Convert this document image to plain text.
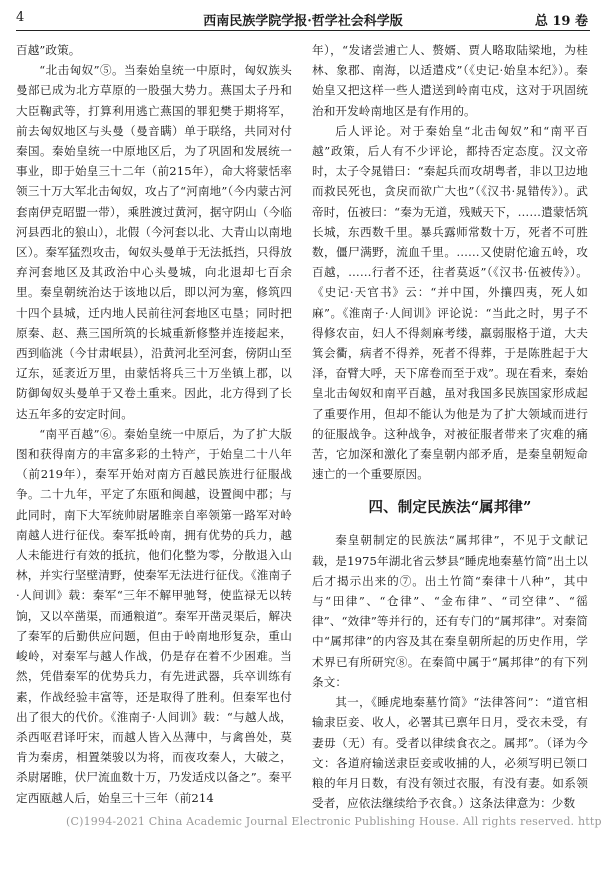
4	西南民族学院学报·哲学社会科学版	总 19 卷

百越”政策。

“北击匈奴”⑤。当秦始皇统一中原时，匈奴族头曼部已成为北方草原的一股强大势力。燕国太子丹和大臣鞠武等，打算利用逃亡燕国的罪犯樊于期将军，前去匈奴地区与头曼（曼音瞒）单于联络，共同对付秦国。秦始皇统一中原地区后，为了巩固和发展统一事业，即于始皇三十二年（前215年），命大将蒙恬率领三十万大军北击匈奴，攻占了“河南地”（今内蒙古河套南伊克昭盟一带），乘胜渡过黄河，据守阴山（今临河县西北的狼山），北假（今河套以北、大青山以南地区）。秦军猛烈攻击，匈奴头曼单于无法抵挡，只得放弃河套地区及其政治中心头曼城，向北退却七百余里。秦皇朝统治达于该地以后，即以河为塞，修筑四十四个县城，迁内地人民前往河套地区屯垦；同时把原秦、赵、燕三国所筑的长城重新修整并连接起来，西到临洮（今甘肃岷县），沿黄河北至河套，傍阴山至辽东，延袤近万里，由蒙恬将兵三十万坐镇上郡，以防御匈奴头曼单于又卷土重来。因此，北方得到了长达五年多的安定时间。

“南平百越”⑥。秦始皇统一中原后，为了扩大版图和获得南方的丰富多彩的土特产，于始皇二十八年（前219年），秦军开始对南方百越民族进行征服战争。二十九年，平定了东瓯和闽越，设置闽中郡；与此同时，南下大军统帅尉屠睢亲自率领第一路军对岭南越人进行征伐。秦军抵岭南，拥有优势的兵力，越人未能进行有效的抵抗，他们化整为零，分散退入山林，并实行坚壁清野，使秦军无法进行征伐。《淮南子·人间训》载：秦军“三年不解甲驰弩，使监禄无以转饷，又以卒凿渠，而通粮道”。秦军开凿灵渠后，解决了秦军的后勤供应问题，但由于岭南地形复杂，重山峻岭，对秦军与越人作战，仍是存在着不少困难。当然，凭借秦军的优势兵力，有先进武器，兵卒训练有素，作战经验丰富等，还是取得了胜利。但秦军也付出了很大的代价。《淮南子·人间训》载：“与越人战，杀西呕君译吁宋，而越人皆入丛薄中，与禽兽处，莫肯为秦虏，相置桀骏以为将，而夜攻秦人，大破之，杀尉屠睢，伏尸流血数十万，乃发适戍以备之”。秦平定西瓯越人后，始皇三十三年（前214

年），“发诸尝逋亡人、赘婿、贾人略取陆梁地，为桂林、象郡、南海，以适遣戍”（《史记·始皇本纪》）。秦始皇又把这样一些人遣送到岭南屯戍，这对于巩固统治和开发岭南地区是有作用的。

后人评论。对于秦始皇“北击匈奴”和“南平百越”政策，后人有不少评论，都持否定态度。汉文帝时，太子令晁错曰：“秦起兵而攻胡粤者，非以卫边地而救民死也，贪戾而欲广大也”（《汉书·晁错传》）。武帝时，伍被曰：“秦为无道，残贼天下，……遣蒙恬筑长城，东西数千里。暴兵露师常数十万，死者不可胜数，僵尸满野，流血千里。……又使尉佗逾五岭，攻百越，……行者不还，往者莫返”（《汉书·伍被传》）。《史记·天官书》云：“并中国，外攘四夷，死人如麻”。《淮南子·人间训》评论说：“当此之时，男子不得修农亩，妇人不得剡麻考缕，羸弱服格于道，大夫箕会衢，病者不得养，死者不得葬，于是陈胜起于大泽，奋臂大呼，天下席卷而至于戏”。现在看来，秦始皇北击匈奴和南平百越，虽对我国多民族国家形成起了重要作用，但却不能认为他是为了扩大领域而进行的征服战争。这种战争，对被征服者带来了灾难的痛苦，它加深和激化了秦皇朝内部矛盾，是秦皇朝短命速亡的一个重要原因。

四、制定民族法“属邦律”

秦皇朝制定的民族法“属邦律”，不见于文献记载，是1975年湖北省云梦县“睡虎地秦墓竹简”出土以后才揭示出来的⑦。出土竹简“秦律十八种”，其中与“田律”、“仓律”、“金布律”、“司空律”、“徭律”、“效律”等并行的，还有专门的“属邦律”。对秦简中“属邦律”的内容及其在秦皇朝所起的历史作用，学术界已有所研究⑧。在秦简中属于“属邦律”的有下列条文：

其一，《睡虎地秦墓竹简》“法律答问”：“道官相输隶臣妾、收人，必署其已禀年日月，受衣未受，有妻毋（无）有。受者以律续食衣之。属邦”。（译为今文：各道府输送隶臣妾或收捕的人，必须写明已领口粮的年月日数，有没有领过衣服，有没有妻。如系领受者，应依法继续给予衣食。）这条法律意为：少数

(C)1994-2021 China Academic Journal Electronic Publishing House. All rights reserved. http
